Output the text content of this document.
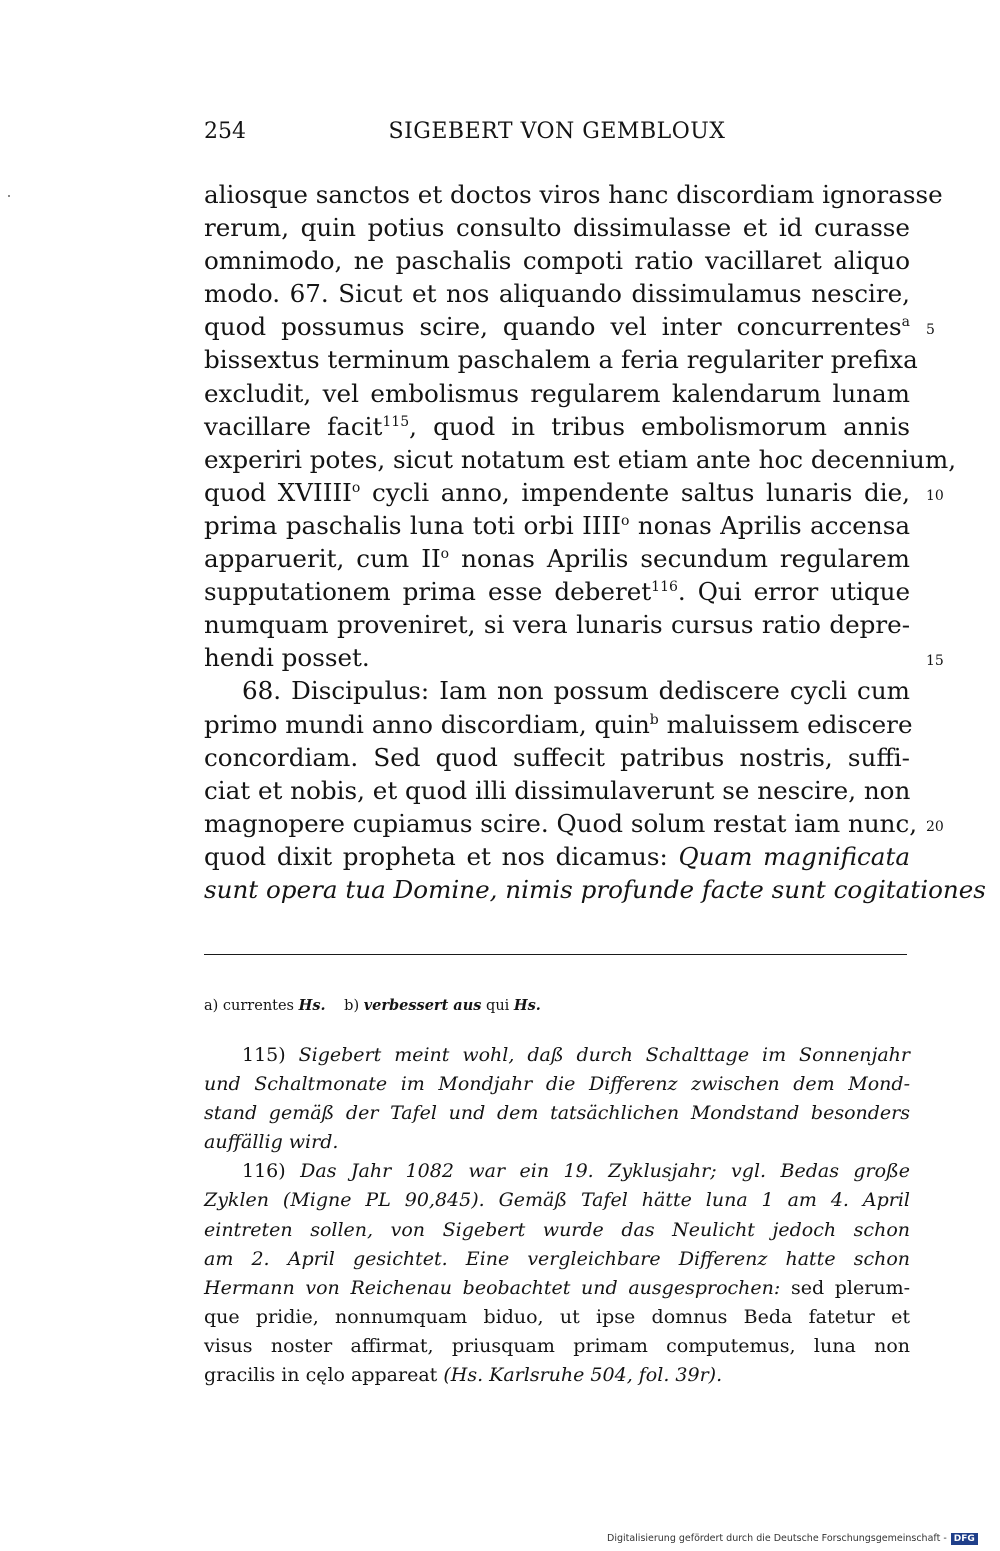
254	SIGEBERT VON GEMBLOUX
aliosque sanctos et doctos viros hanc discordiam ignorasse
rerum, quin potius consulto dissimulasse et id curasse
omnimodo, ne paschalis compoti ratio vacillaret aliquo
modo. 67. Sicut et nos aliquando dissimulamus nescire,
quod possumus scire, quando vel inter concurrentes$^a$ 5
bissextus terminum paschalem a feria regulariter prefixa
excludit, vel embolismus regularem kalendarum lunam
vacillare facit$^{115}$, quod in tribus embolismorum annis
experiri potes, sicut notatum est etiam ante hoc decennium,
quod XVIIII$^o$ cycli anno, impendente saltus lunaris die, 10
prima paschalis luna toti orbi IIII$^o$ nonas Aprilis accensa
apparuerit, cum $II^o$ nonas Aprilis secundum regularem
supputationem prima esse deberet$^{116}$. Qui error utique
numquam proveniret, si vera lunaris cursus ratio depre-
hendi posset.	15
68. Discipulus: Iam non possum dediscere cycli cum
primo mundi anno discordiam, quin$^b$ maluissem ediscere
concordiam. Sed quod suffecit patribus nostris, suffi-
ciat et nobis, et quod illi dissimulaverunt se nescire, non
magnopere cupiamus scire. Quod solum restat iam nunc, 20
quod dixit propheta et nos dicamus: Quam magnificata
sunt opera tua Domine, nimis profunde facte sunt cogitationes
a) currentes Hs. b) verbessert aus qui Hs.
115) Sigebert meint wohl, daß durch Schalttage im Sonnenjahr
und Schaltmonate im Mondjahr die Differenz zwischen dem Mond-
stand gemäß der Tafel und dem tatsächlichen Mondstand besonders
auffällig wird.
116) Das Jahr 1082 war ein 19. Zyklusjahr; vgl. Bedas große
Zyklen (Migne PL 90,845). Gemäß Tafel hätte luna 1 am 4. April
eintreten sollen, von Sigebert wurde das Neulicht jedoch schon
am 2. April gesichtet. Eine vergleichbare Differenz hatte schon
Hermann von Reichenau beobachtet und ausgesprochen: sed plerum-
que pridie, nonnumquam biduo, ut ipse domnus Beda fatetur et
visus noster affirmat, priusquam primam computemus, luna non
gracilis in cęlo appareat (Hs. Karlsruhe 504, fol. 39r).
Digitalisierung gefördert durch die Deutsche Forschungsgemeinschaft - DFG
